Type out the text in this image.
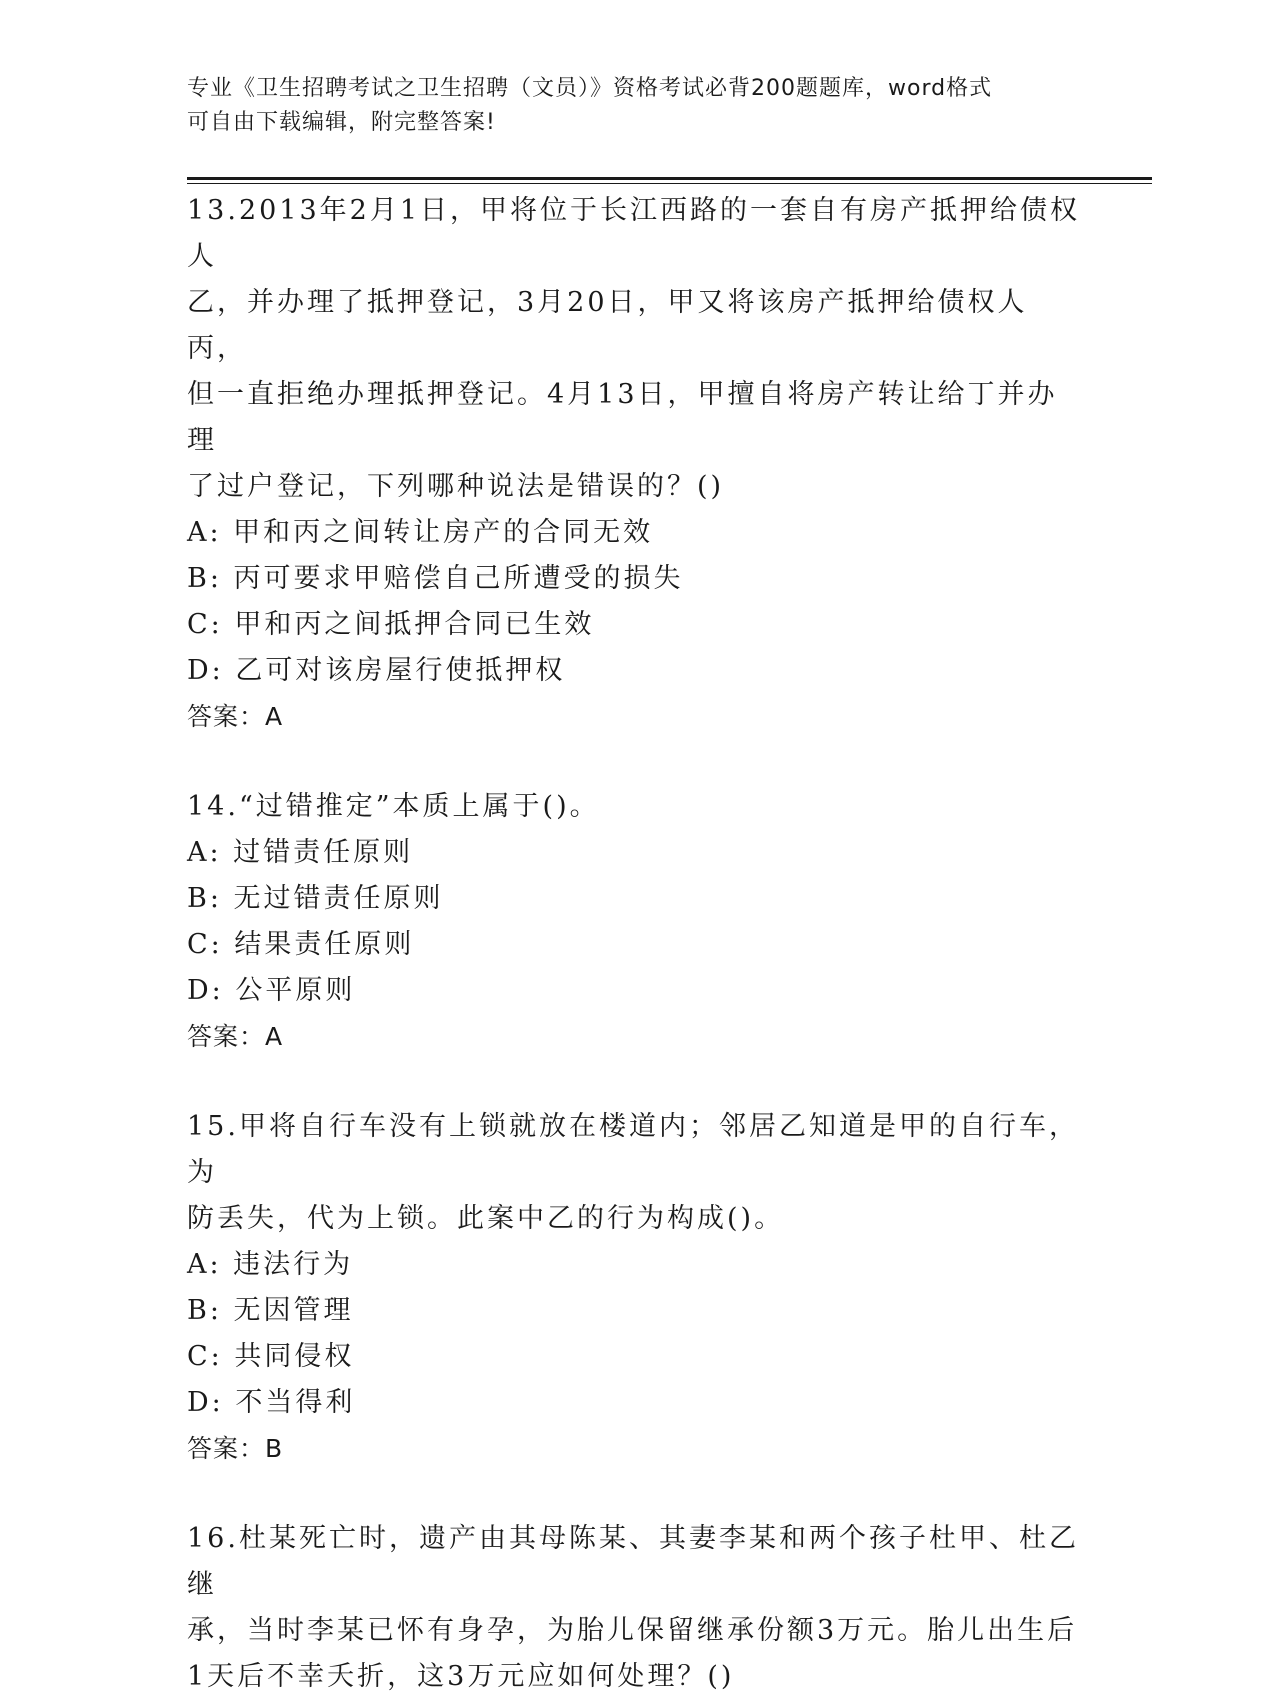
专业《卫生招聘考试之卫生招聘（文员）》资格考试必背200题题库，word格式
可自由下载编辑，附完整答案!
13.2013年2月1日，甲将位于长江西路的一套自有房产抵押给债权人
乙，并办理了抵押登记，3月20日，甲又将该房产抵押给债权人丙，
但一直拒绝办理抵押登记。4月13日，甲擅自将房产转让给丁并办理
了过户登记，下列哪种说法是错误的？()
A: 甲和丙之间转让房产的合同无效
B: 丙可要求甲赔偿自己所遭受的损失
C: 甲和丙之间抵押合同已生效
D: 乙可对该房屋行使抵押权
答案：A
14.“过错推定”本质上属于()。
A: 过错责任原则
B: 无过错责任原则
C: 结果责任原则
D: 公平原则
答案：A
15.甲将自行车没有上锁就放在楼道内；邻居乙知道是甲的自行车，为
防丢失，代为上锁。此案中乙的行为构成()。
A: 违法行为
B: 无因管理
C: 共同侵权
D: 不当得利
答案：B
16.杜某死亡时，遗产由其母陈某、其妻李某和两个孩子杜甲、杜乙继
承，当时李某已怀有身孕，为胎儿保留继承份额3万元。胎儿出生后
1天后不幸夭折，这3万元应如何处理？()
